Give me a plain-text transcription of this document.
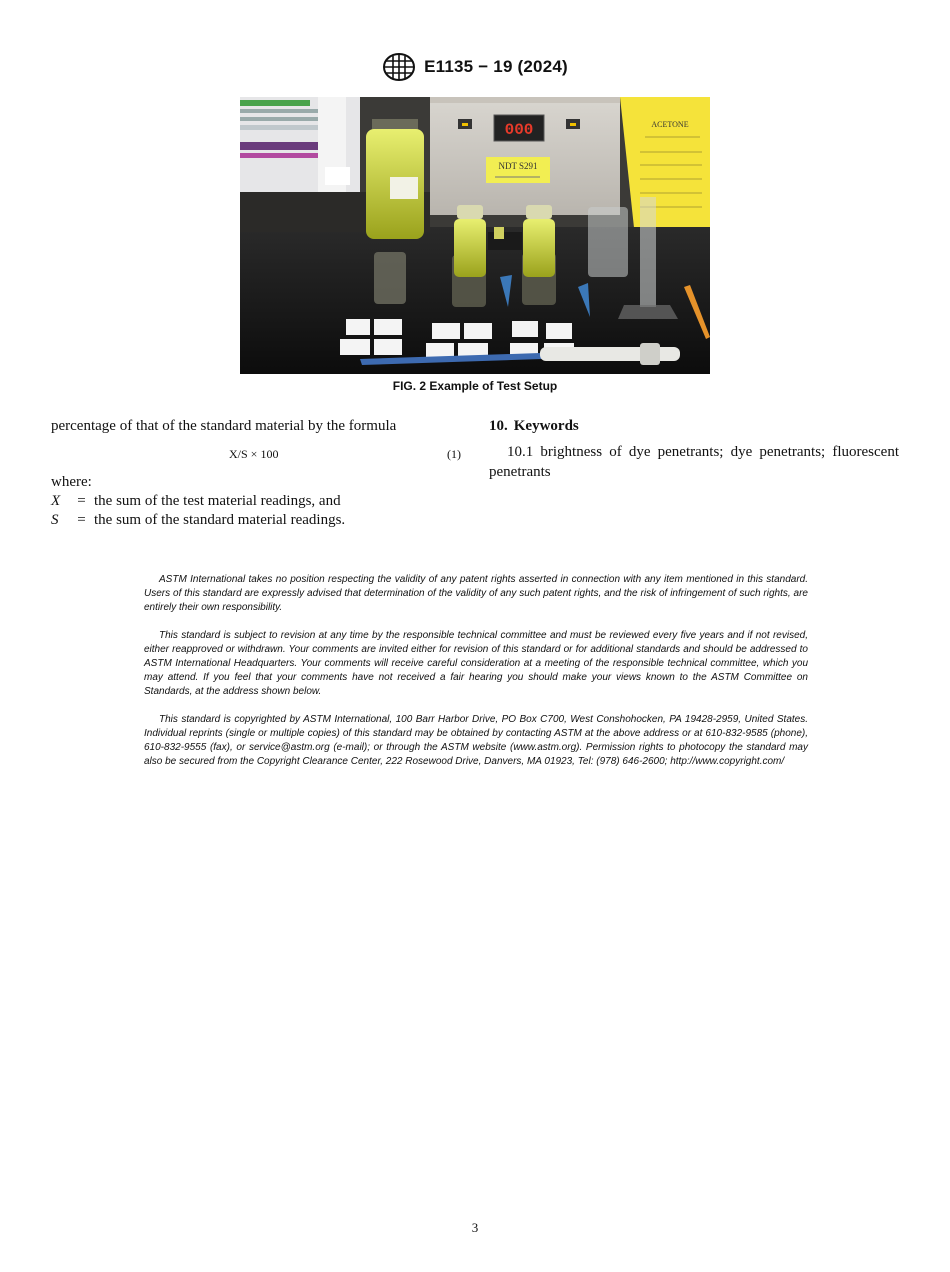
E1135 − 19 (2024)
000
NDT S291
ACETONE
FIG. 2 Example of Test Setup

percentage of that of the standard material by the formula

X/S × 100	(1)
where:
X	= the sum of the test material readings, and
S	= the sum of the standard material readings.

10. Keywords

10.1 brightness of dye penetrants; dye penetrants; fluorescent penetrants

ASTM International takes no position respecting the validity of any patent rights asserted in connection with any item mentioned in this standard. Users of this standard are expressly advised that determination of the validity of any such patent rights, and the risk of infringement of such rights, are entirely their own responsibility.

This standard is subject to revision at any time by the responsible technical committee and must be reviewed every five years and if not revised, either reapproved or withdrawn. Your comments are invited either for revision of this standard or for additional standards and should be addressed to ASTM International Headquarters. Your comments will receive careful consideration at a meeting of the responsible technical committee, which you may attend. If you feel that your comments have not received a fair hearing you should make your views known to the ASTM Committee on Standards, at the address shown below.

This standard is copyrighted by ASTM International, 100 Barr Harbor Drive, PO Box C700, West Conshohocken, PA 19428-2959, United States. Individual reprints (single or multiple copies) of this standard may be obtained by contacting ASTM at the above address or at 610-832-9585 (phone), 610-832-9555 (fax), or service@astm.org (e-mail); or through the ASTM website (www.astm.org). Permission rights to photocopy the standard may also be secured from the Copyright Clearance Center, 222 Rosewood Drive, Danvers, MA 01923, Tel: (978) 646-2600; http://www.copyright.com/

3
